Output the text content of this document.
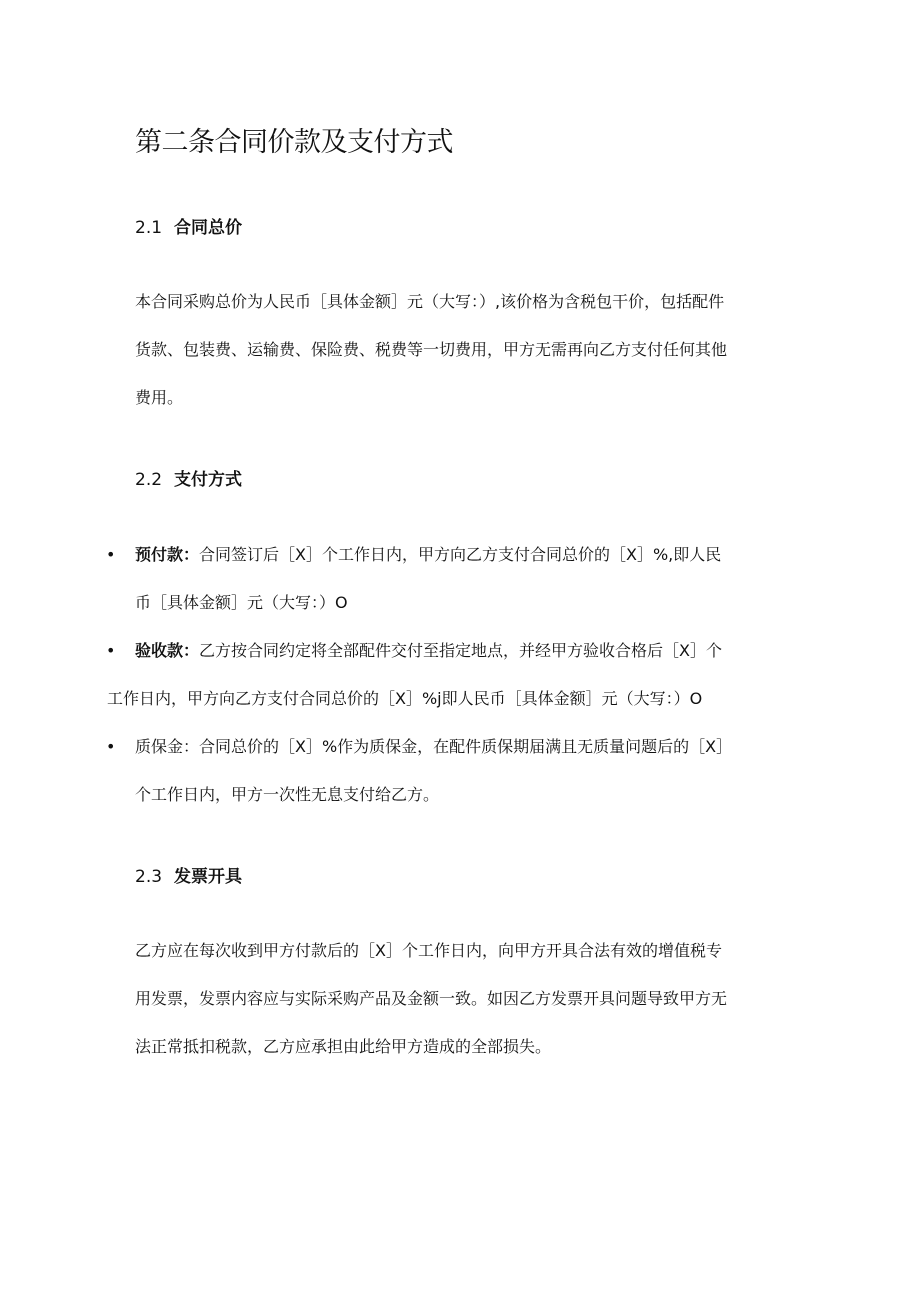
第二条合同价款及支付方式
2.1 合同总价
本合同采购总价为人民币［具体金额］元（大写：）,该价格为含税包干价，包括配件
货款、包装费、运输费、保险费、税费等一切费用，甲方无需再向乙方支付任何其他
费用。
2.2 支付方式
• 预付款：合同签订后［X］个工作日内，甲方向乙方支付合同总价的［X］%,即人民
币［具体金额］元（大写：）O
• 验收款：乙方按合同约定将全部配件交付至指定地点，并经甲方验收合格后［X］个
工作日内，甲方向乙方支付合同总价的［X］%j即人民币［具体金额］元（大写：）O
• 质保金：合同总价的［X］%作为质保金，在配件质保期届满且无质量问题后的［X］
个工作日内，甲方一次性无息支付给乙方。
2.3 发票开具
乙方应在每次收到甲方付款后的［X］个工作日内，向甲方开具合法有效的增值税专
用发票，发票内容应与实际采购产品及金额一致。如因乙方发票开具问题导致甲方无
法正常抵扣税款，乙方应承担由此给甲方造成的全部损失。
